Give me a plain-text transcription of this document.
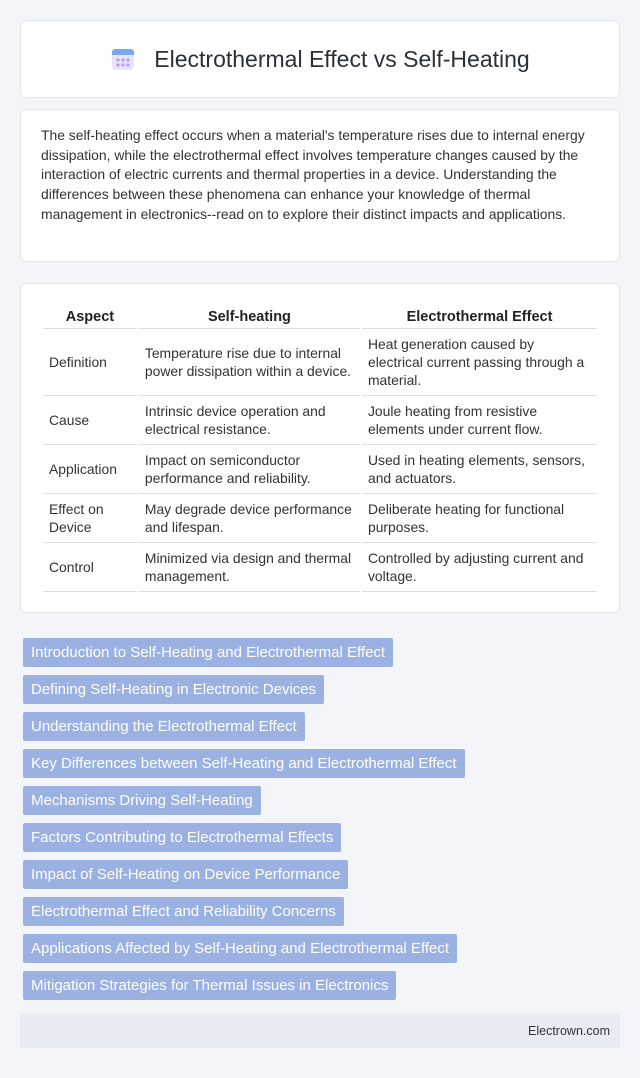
Electrothermal Effect vs Self-Heating

The self-heating effect occurs when a material's temperature rises due to internal energy dissipation, while the electrothermal effect involves temperature changes caused by the interaction of electric currents and thermal properties in a device. Understanding the differences between these phenomena can enhance your knowledge of thermal management in electronics--read on to explore their distinct impacts and applications.

Aspect	Self-heating	Electrothermal Effect
Definition	Temperature rise due to internal power dissipation within a device.	Heat generation caused by electrical current passing through a material.
Cause	Intrinsic device operation and electrical resistance.	Joule heating from resistive elements under current flow.
Application	Impact on semiconductor performance and reliability.	Used in heating elements, sensors, and actuators.
Effect on Device	May degrade device performance and lifespan.	Deliberate heating for functional purposes.
Control	Minimized via design and thermal management.	Controlled by adjusting current and voltage.
Introduction to Self-Heating and Electrothermal Effect
Defining Self-Heating in Electronic Devices
Understanding the Electrothermal Effect
Key Differences between Self-Heating and Electrothermal Effect
Mechanisms Driving Self-Heating
Factors Contributing to Electrothermal Effects
Impact of Self-Heating on Device Performance
Electrothermal Effect and Reliability Concerns
Applications Affected by Self-Heating and Electrothermal Effect
Mitigation Strategies for Thermal Issues in Electronics
Electrown.com
